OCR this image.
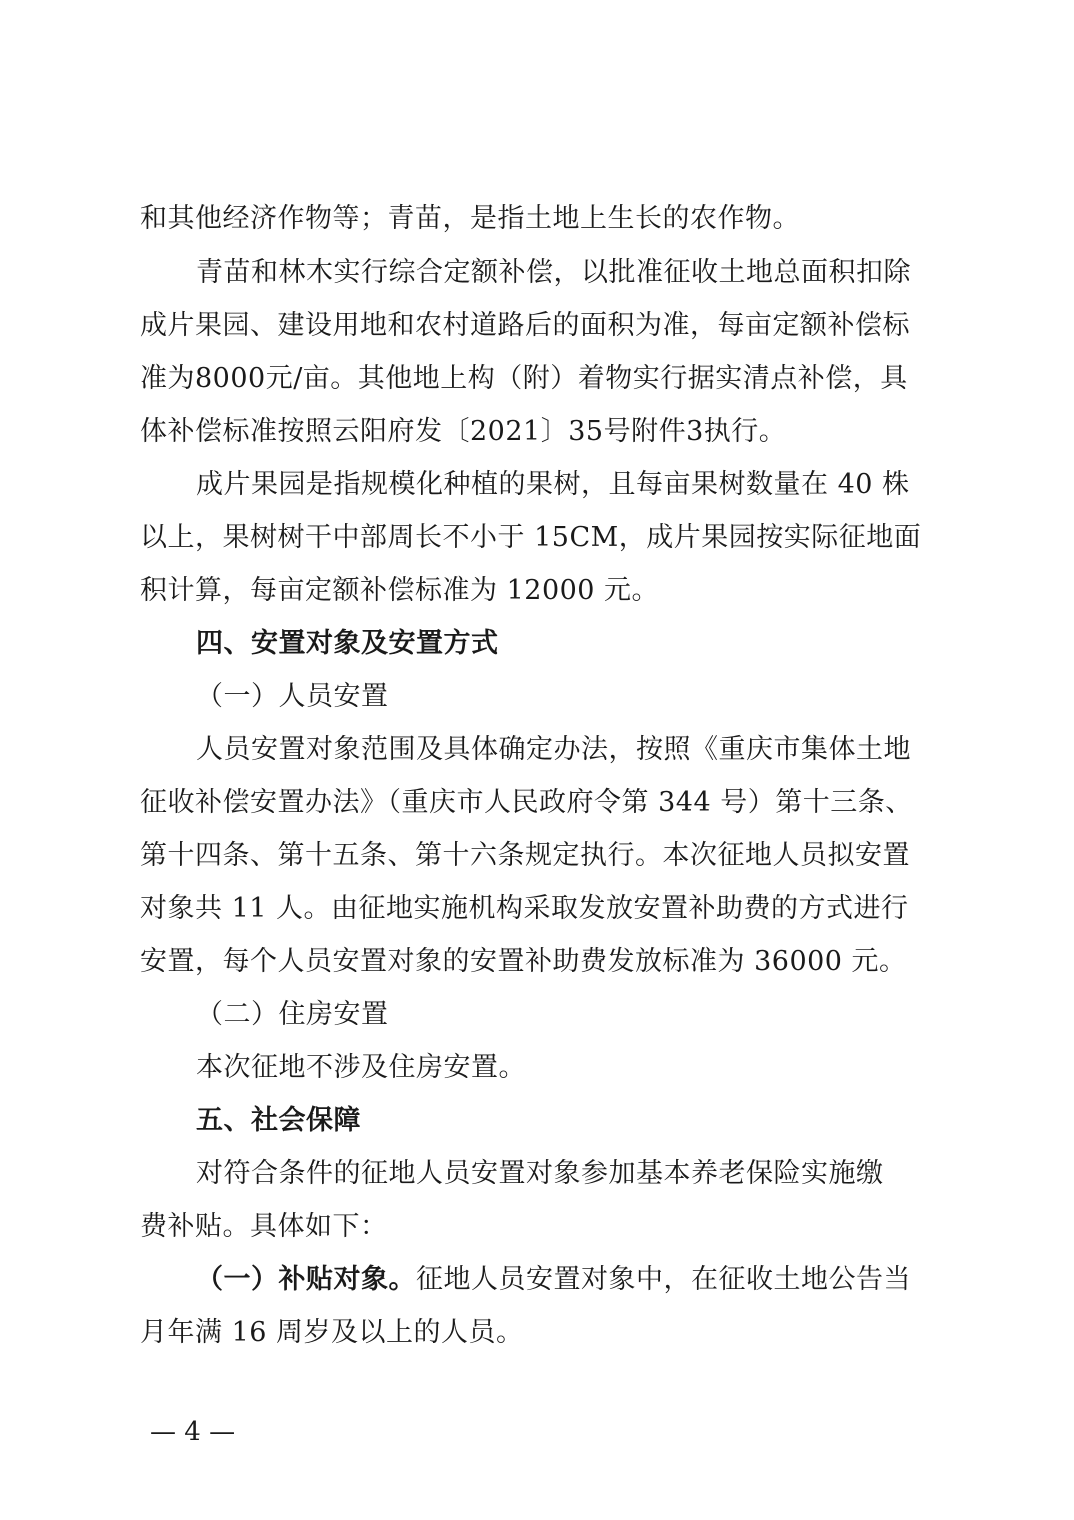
和其他经济作物等；青苗，是指土地上生长的农作物。
青苗和林木实行综合定额补偿，以批准征收土地总面积扣除
成片果园、建设用地和农村道路后的面积为准，每亩定额补偿标
准为8000元/亩。其他地上构（附）着物实行据实清点补偿，具
体补偿标准按照云阳府发〔2021〕35号附件3执行。
成片果园是指规模化种植的果树，且每亩果树数量在 40 株
以上，果树树干中部周长不小于 15CM，成片果园按实际征地面
积计算，每亩定额补偿标准为 12000 元。
四、安置对象及安置方式
（一）人员安置
人员安置对象范围及具体确定办法，按照《重庆市集体土地
征收补偿安置办法》（重庆市人民政府令第 344 号）第十三条、
第十四条、第十五条、第十六条规定执行。本次征地人员拟安置
对象共 11 人。由征地实施机构采取发放安置补助费的方式进行
安置，每个人员安置对象的安置补助费发放标准为 36000 元。
（二）住房安置
本次征地不涉及住房安置。
五、社会保障
对符合条件的征地人员安置对象参加基本养老保险实施缴
费补贴。具体如下：
（一）补贴对象。征地人员安置对象中，在征收土地公告当
月年满 16 周岁及以上的人员。
— 4 —
